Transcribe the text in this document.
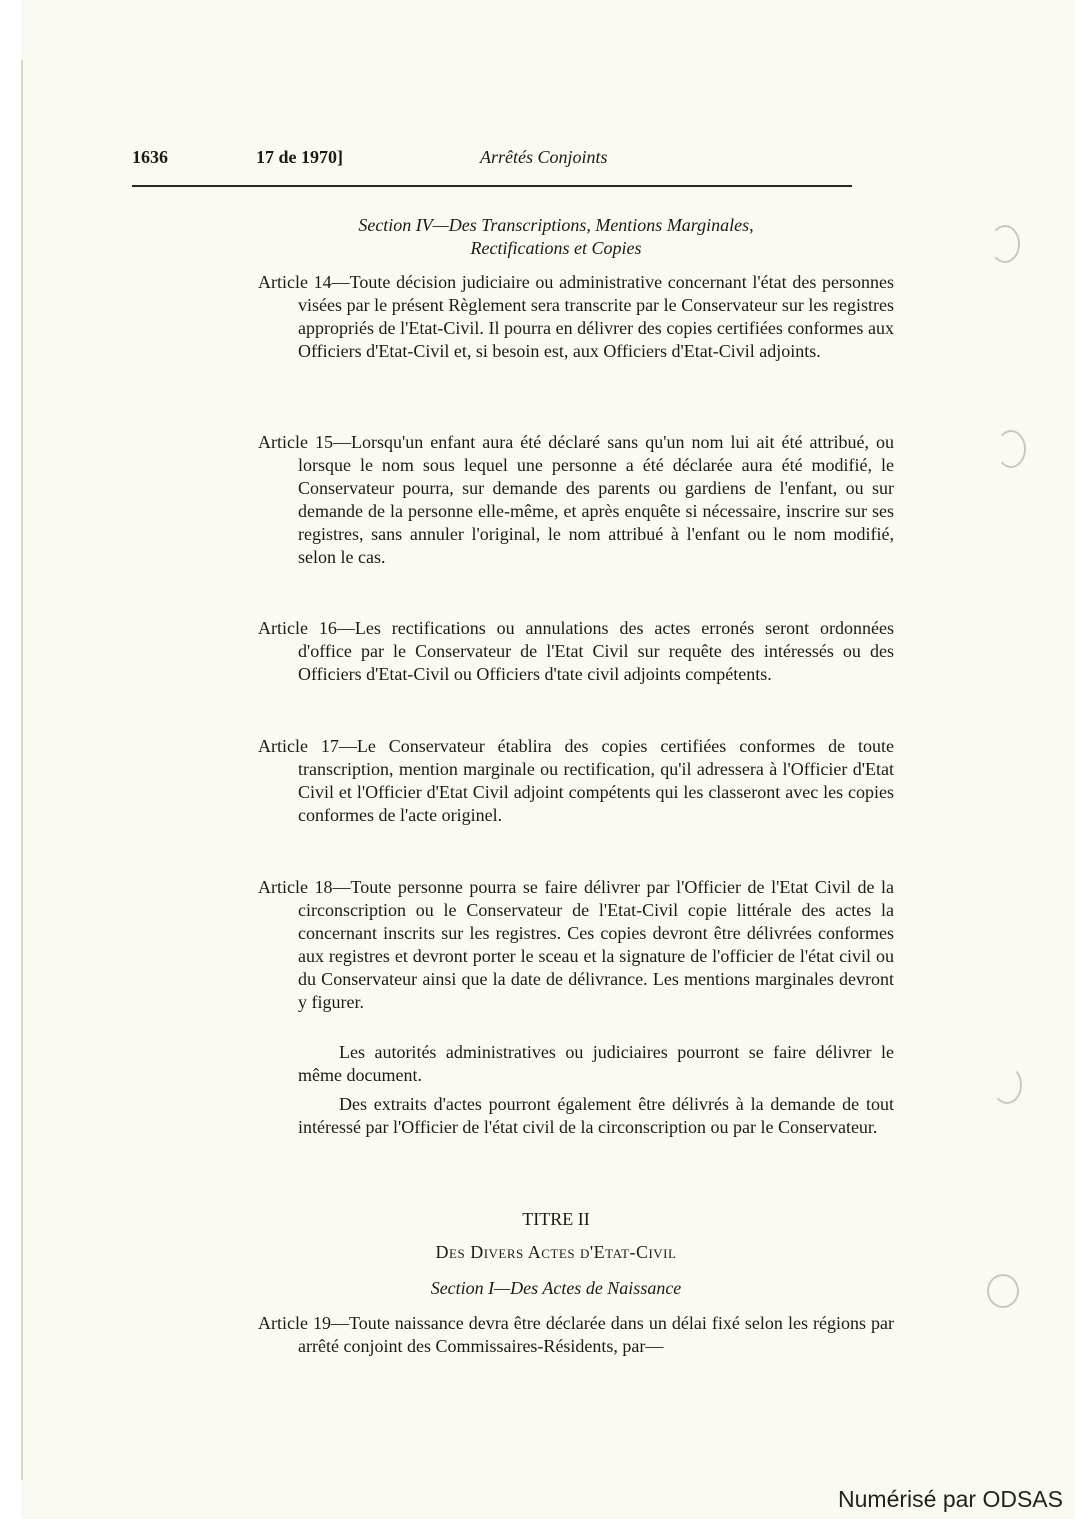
1636	17 de 1970]	Arrêtés Conjoints
Section IV—Des Transcriptions, Mentions Marginales,
Rectifications et Copies
Article 14—Toute décision judiciaire ou administrative concernant l'état des personnes visées par le présent Règlement sera transcrite par le Conservateur sur les registres appropriés de l'Etat-Civil. Il pourra en délivrer des copies certifiées conformes aux Officiers d'Etat-Civil et, si besoin est, aux Officiers d'Etat-Civil adjoints.
Article 15—Lorsqu'un enfant aura été déclaré sans qu'un nom lui ait été attribué, ou lorsque le nom sous lequel une personne a été déclarée aura été modifié, le Conservateur pourra, sur demande des parents ou gardiens de l'enfant, ou sur demande de la personne elle-même, et après enquête si nécessaire, inscrire sur ses registres, sans annuler l'original, le nom attribué à l'enfant ou le nom modifié, selon le cas.
Article 16—Les rectifications ou annulations des actes erronés seront ordonnées d'office par le Conservateur de l'Etat Civil sur requête des intéressés ou des Officiers d'Etat-Civil ou Officiers d'tate civil adjoints compétents.
Article 17—Le Conservateur établira des copies certifiées conformes de toute transcription, mention marginale ou rectification, qu'il adressera à l'Officier d'Etat Civil et l'Officier d'Etat Civil adjoint compétents qui les classeront avec les copies conformes de l'acte originel.
Article 18—Toute personne pourra se faire délivrer par l'Officier de l'Etat Civil de la circonscription ou le Conservateur de l'Etat-Civil copie littérale des actes la concernant inscrits sur les registres. Ces copies devront être délivrées conformes aux registres et devront porter le sceau et la signature de l'officier de l'état civil ou du Conservateur ainsi que la date de délivrance. Les mentions marginales devront y figurer.
Les autorités administratives ou judiciaires pourront se faire délivrer le même document.
Des extraits d'actes pourront également être délivrés à la demande de tout intéressé par l'Officier de l'état civil de la circonscription ou par le Conservateur.
TITRE II
Des Divers Actes d'Etat-Civil
Section I—Des Actes de Naissance
Article 19—Toute naissance devra être déclarée dans un délai fixé selon les régions par arrêté conjoint des Commissaires-Résidents, par—
Numérisé par ODSAS
